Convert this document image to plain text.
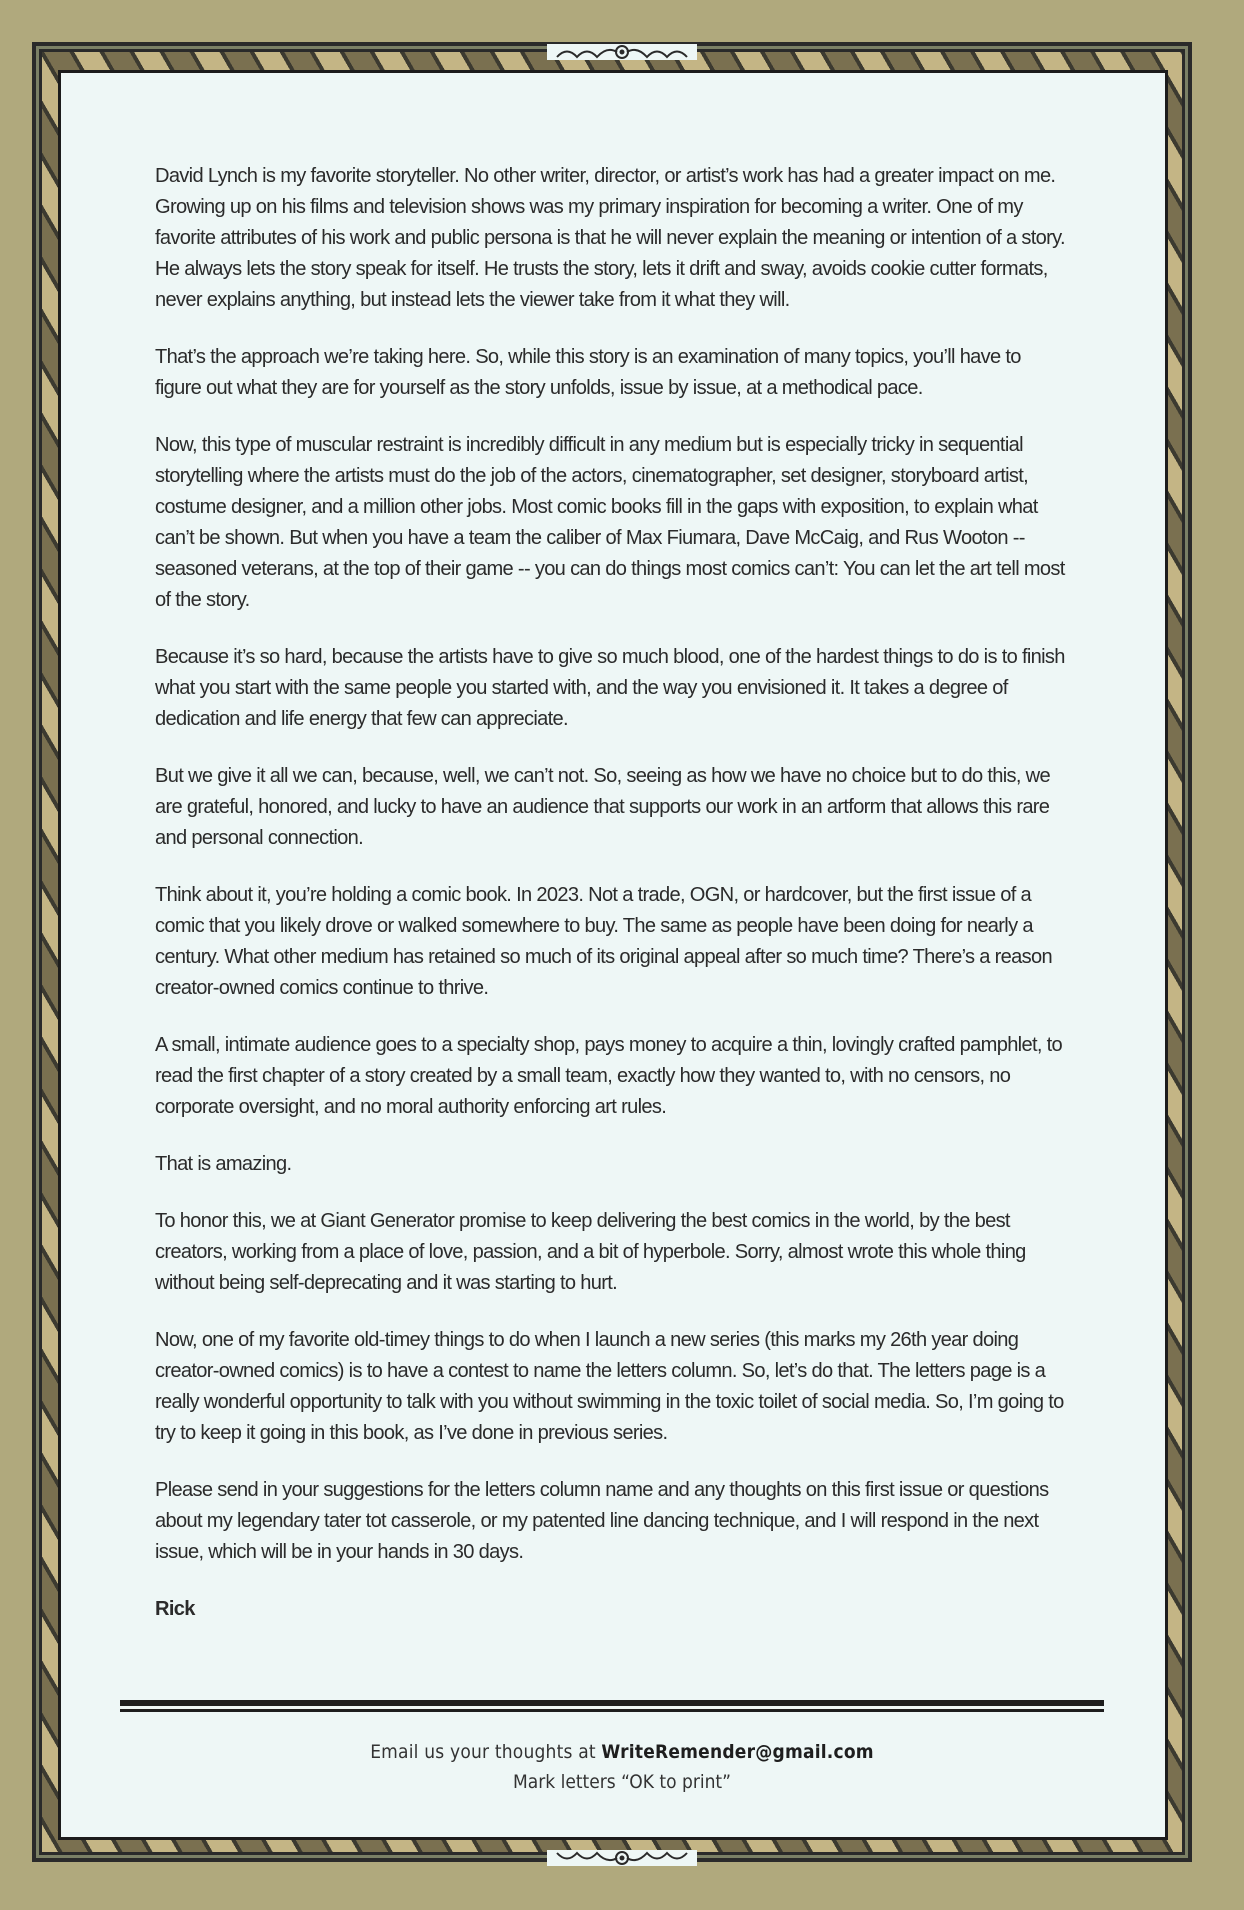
David Lynch is my favorite storyteller. No other writer, director, or artist’s work has had a greater impact on me. Growing up on his films and television shows was my primary inspiration for becoming a writer. One of my favorite attributes of his work and public persona is that he will never explain the meaning or intention of a story. He always lets the story speak for itself. He trusts the story, lets it drift and sway, avoids cookie cutter formats, never explains anything, but instead lets the viewer take from it what they will.

That’s the approach we’re taking here. So, while this story is an examination of many topics, you’ll have to figure out what they are for yourself as the story unfolds, issue by issue, at a methodical pace.

Now, this type of muscular restraint is incredibly difficult in any medium but is especially tricky in sequential storytelling where the artists must do the job of the actors, cinematographer, set designer, storyboard artist, costume designer, and a million other jobs. Most comic books fill in the gaps with exposition, to explain what can’t be shown. But when you have a team the caliber of Max Fiumara, Dave McCaig, and Rus Wooton -- seasoned veterans, at the top of their game -- you can do things most comics can’t: You can let the art tell most of the story.

Because it’s so hard, because the artists have to give so much blood, one of the hardest things to do is to finish what you start with the same people you started with, and the way you envisioned it. It takes a degree of dedication and life energy that few can appreciate.

But we give it all we can, because, well, we can’t not. So, seeing as how we have no choice but to do this, we are grateful, honored, and lucky to have an audience that supports our work in an artform that allows this rare and personal connection.

Think about it, you’re holding a comic book. In 2023. Not a trade, OGN, or hardcover, but the first issue of a comic that you likely drove or walked somewhere to buy. The same as people have been doing for nearly a century. What other medium has retained so much of its original appeal after so much time? There’s a reason creator-owned comics continue to thrive.

A small, intimate audience goes to a specialty shop, pays money to acquire a thin, lovingly crafted pamphlet, to read the first chapter of a story created by a small team, exactly how they wanted to, with no censors, no corporate oversight, and no moral authority enforcing art rules.

That is amazing.

To honor this, we at Giant Generator promise to keep delivering the best comics in the world, by the best creators, working from a place of love, passion, and a bit of hyperbole. Sorry, almost wrote this whole thing without being self-deprecating and it was starting to hurt.

Now, one of my favorite old-timey things to do when I launch a new series (this marks my 26th year doing creator-owned comics) is to have a contest to name the letters column. So, let’s do that. The letters page is a really wonderful opportunity to talk with you without swimming in the toxic toilet of social media. So, I’m going to try to keep it going in this book, as I’ve done in previous series.

Please send in your suggestions for the letters column name and any thoughts on this first issue or questions about my legendary tater tot casserole, or my patented line dancing technique, and I will respond in the next issue, which will be in your hands in 30 days.

Rick

Email us your thoughts at WriteRemender@gmail.com
Mark letters “OK to print”
